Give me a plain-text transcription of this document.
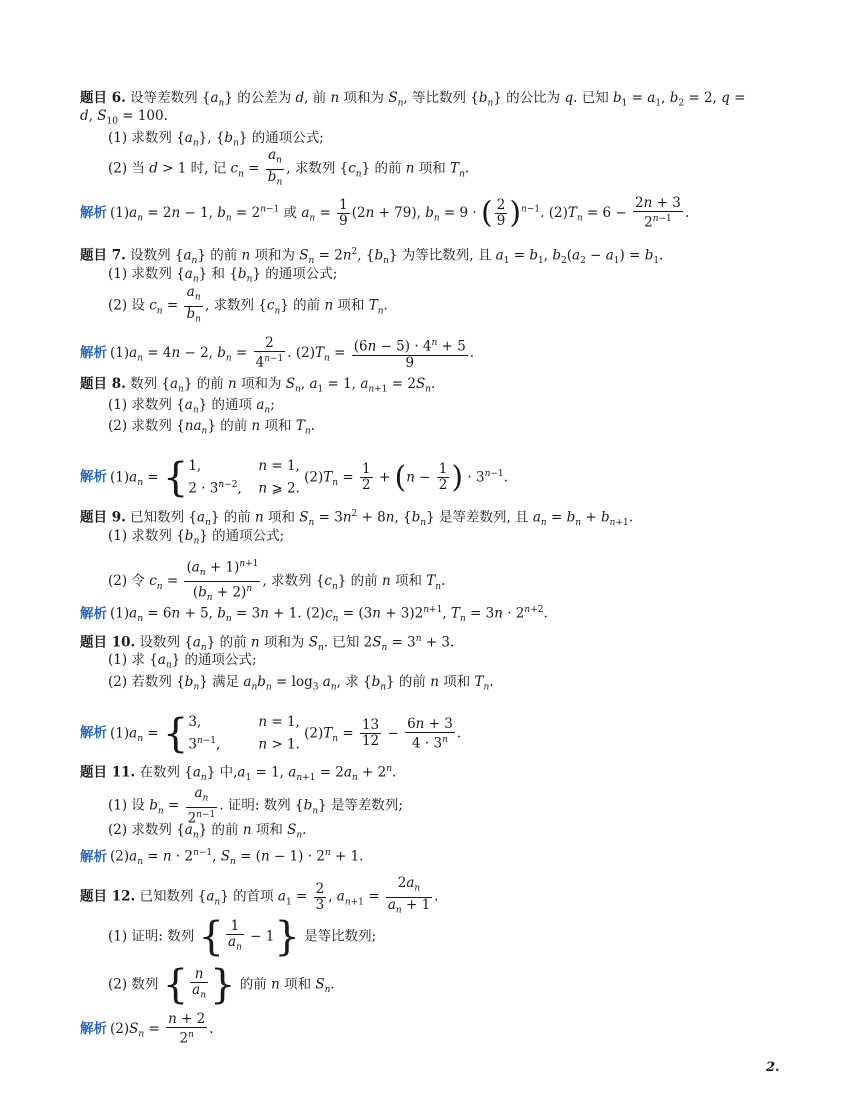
题目 6. 设等差数列 $\{a_n\}$ 的公差为 d, 前 n 项和为 $S_n$, 等比数列 $\{b_n\}$ 的公比为 q. 已知 $b_1 = a_1$, $b_2 = 2$, q =
d, $S_{10} = 100$.
(1) 求数列 $\{a_n\}$, $\{b_n\}$ 的通项公式;
(2) 当 d > 1 时, 记 $c_n = \frac{a_n}{b_n}$ , 求数列 $\{c_n\}$ 的前 n 项和 $T_n$.
解析 $(1)a_n = 2n - 1$, $b_n = 2^{n-1}$ 或 $a_n = \frac{1}{9} (2n + 79)$, $b_n = 9$ · ( $\frac{2}{9} )^{n-1}$. $(2)T_n = 6 - \frac{2n + 3}{2^{n-1}}$ .
题目 7. 设数列 $\{a_n\}$ 的前 n 项和为 $S_n = 2n^2$, $\{b_n\}$ 为等比数列, 且 $a_1 = b_1$, $b_2(a_2 - a_1) = b_1$.
(1) 求数列 $\{a_n\}$ 和 $\{b_n\}$ 的通项公式;
(2) 设 $c_n = \frac{a_n}{b_n}$ , 求数列 $\{c_n\}$ 的前 n 项和 $T_n$.
解析 $(1)a_n = 4n - 2$, $b_n = \frac{2}{4^{n-1}}$ . $(2)T_n = \frac{(6n - 5) \cdot 4^n + 5}{9}$ .
题目 8. 数列 $\{a_n\}$ 的前 n 项和为 $S_n$, $a_1 = 1$, $a_{n+1} = 2S_n$.
(1) 求数列 $\{a_n\}$ 的通项 $a_n$;
(2) 求数列 $\{na_n\}$ 的前 n 项和 $T_n$.
解析 $(1)a_n$ = { 1,	n = 1,
$2 \cdot 3^{n-2}$, n ⩾ 2.
$(2)T_n = \frac{1}{2} + (n - \frac{1}{2}$ ) · $3^{n-1}$.
题目 9. 已知数列 $\{a_n\}$ 的前 n 项和 $S_n = 3n^2 + 8n$, $\{b_n\}$ 是等差数列, 且 $a_n = b_n + b_{n+1}$.
(1) 求数列 $\{b_n\}$ 的通项公式;
(2) 令 $c_n = \frac{(a_n + 1)^{n+1}}{(b_n + 2)^n}$ , 求数列 $\{c_n\}$ 的前 n 项和 $T_n$.
解析 $(1)a_n = 6n + 5$, $b_n = 3n + 1$. $(2)c_n = (3n + 3)2^{n+1}$, $T_n = 3n \cdot 2^{n+2}$.
题目 10. 设数列 $\{a_n\}$ 的前 n 项和为 $S_n$. 已知 $2S_n = 3^n + 3$.
(1) 求 $\{a_n\}$ 的通项公式;
(2) 若数列 $\{b_n\}$ 满足 $a_nb_n = \log_3 a_n$, 求 $\{b_n\}$ 的前 n 项和 $T_n$.
解析 $(1)a_n$ = { 3,	n = 1,
$3^{n-1}$,	n > 1.
$(2)T_n = \frac{13}{12} - \frac{6n + 3}{4 \cdot 3^n}$ .
题目 11. 在数列 $\{a_n\}$ 中$,a_1 = 1$, $a_{n+1} = 2a_n + 2^n$.
(1) 设 $b_n = \frac{a_n}{2^{n-1}}$ . 证明: 数列 $\{b_n\}$ 是等差数列;
(2) 求数列 $\{a_n\}$ 的前 n 项和 $S_n$.
解析 $(2)a_n = n \cdot 2^{n-1}$, $S_n = (n - 1) \cdot 2^n + 1$.
题目 12. 已知数列 $\{a_n\}$ 的首项 $a_1 = \frac{2}{3}$ , $a_{n+1} = \frac{2a_n}{a_n + 1}$ .
(1) 证明: 数列 { $\frac{1}{a_n} - 1$} 是等比数列;
(2) 数列 { $\frac{n}{a_n}$ } 的前 n 项和 $S_n$.
解析 $(2)S_n = \frac{n + 2}{2^n}$ .
2.
